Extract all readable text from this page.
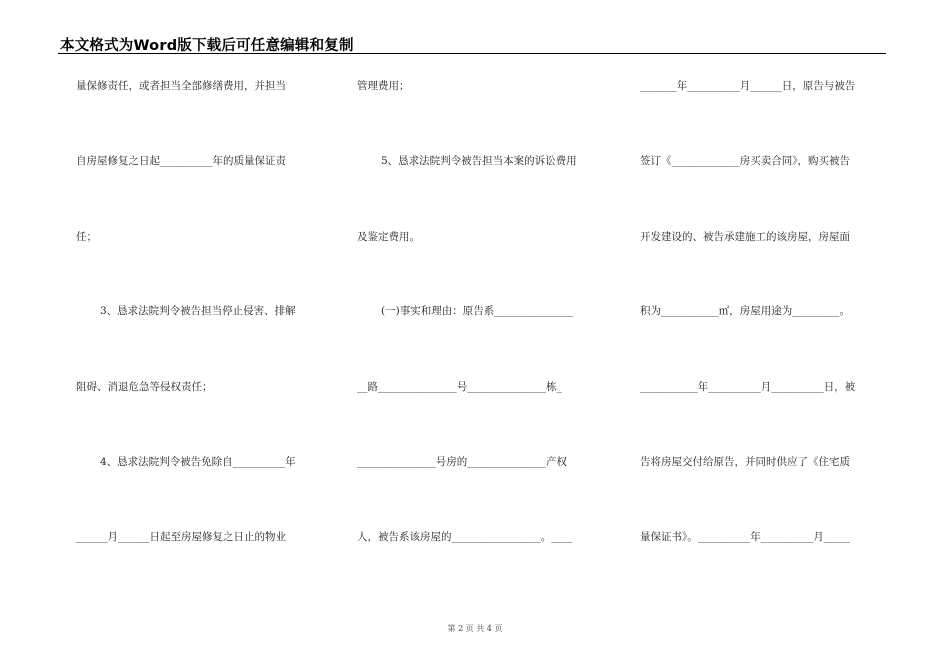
本文格式为Word版下载后可任意编辑和复制
量保修责任，或者担当全部修缮费用，并担当
自房屋修复之日起__________年的质量保证责
任；
3、恳求法院判令被告担当停止侵害、排解
阻碍、消退危急等侵权责任；
4、恳求法院判令被告免除自__________年
______月______日起至房屋修复之日止的物业
管理费用；
5、恳求法院判令被告担当本案的诉讼费用
及鉴定费用。
(一)事实和理由：原告系_______________
__路_______________号_______________栋_
_______________号房的_______________产权
人，被告系该房屋的_________________。____
_______年__________月______日，原告与被告
签订《_____________房买卖合同》，购买被告
开发建设的、被告承建施工的该房屋，房屋面
积为___________㎡，房屋用途为_________。
___________年__________月__________日，被
告将房屋交付给原告，并同时供应了《住宅质
量保证书》。__________年__________月_____
第 2 页 共 4 页
